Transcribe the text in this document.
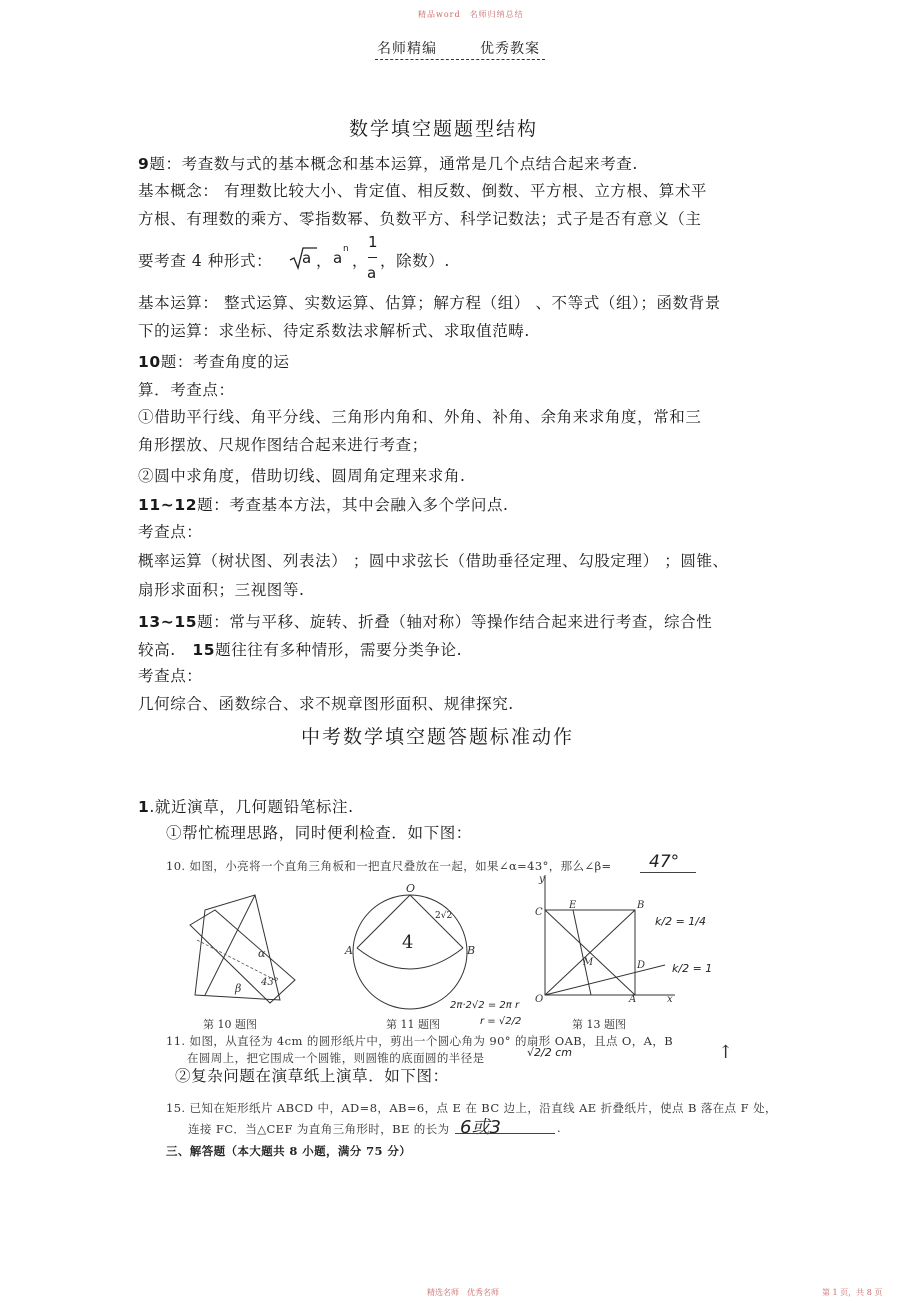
精品word　名师归纳总结
名师精编	优秀教案
数学填空题题型结构
9题：考查数与式的基本概念和基本运算，通常是几个点结合起来考查.
基本概念： 有理数比较大小、肯定值、相反数、倒数、平方根、立方根、算术平
方根、有理数的乘方、零指数幂、负数平方、科学记数法；式子是否有意义（主
要考查 4 种形式： a ， a n
，
1
a
，除数）.
基本运算： 整式运算、实数运算、估算；解方程（组） 、不等式（组）；函数背景
下的运算：求坐标、待定系数法求解析式、求取值范畴.
10题：考查角度的运
算．考查点：
①借助平行线、角平分线、三角形内角和、外角、补角、余角来求角度，常和三
角形摆放、尺规作图结合起来进行考查；
②圆中求角度，借助切线、圆周角定理来求角.
11~12题：考查基本方法，其中会融入多个学问点.
考查点：
概率运算（树状图、列表法） ；圆中求弦长（借助垂径定理、勾股定理） ；圆锥、
扇形求面积；三视图等.
13~15题：常与平移、旋转、折叠（轴对称）等操作结合起来进行考查，综合性
较高. 15题往往有多种情形，需要分类争论.
考查点：
几何综合、函数综合、求不规章图形面积、规律探究.
中考数学填空题答题标准动作
1.就近演草，几何题铅笔标注.
①帮忙梳理思路，同时便利检查．如下图：
10. 如图，小亮将一个直角三角板和一把直尺叠放在一起，如果∠α=43°，那么∠β= 47°
α
β 43°
第 10 题图
O
A	B
4
2√2
2π·2√2 = 2π r
r = √2/2
第 11 题图
y
C
E	B
M	D
O	A	x
k/2 = 1/4
k/2 = 1
第 13 题图
11. 如图，从直径为 4cm 的圆形纸片中，剪出一个圆心角为 90° 的扇形 OAB，且点 O，A，B
在圆周上，把它围成一个圆锥，则圆锥的底面圆的半径是	√2/2 cm	↑
②复杂问题在演草纸上演草．如下图：
15. 已知在矩形纸片 ABCD 中，AD=8，AB=6，点 E 在 BC 边上，沿直线 AE 折叠纸片，使点 B 落在点 F 处，
连接 FC．当△CEF 为直角三角形时，BE 的长为 6或3	.
三、解答题（本大题共 8 小题，满分 75 分）
精选名师　优秀名师	第 1 页，共 8 页
